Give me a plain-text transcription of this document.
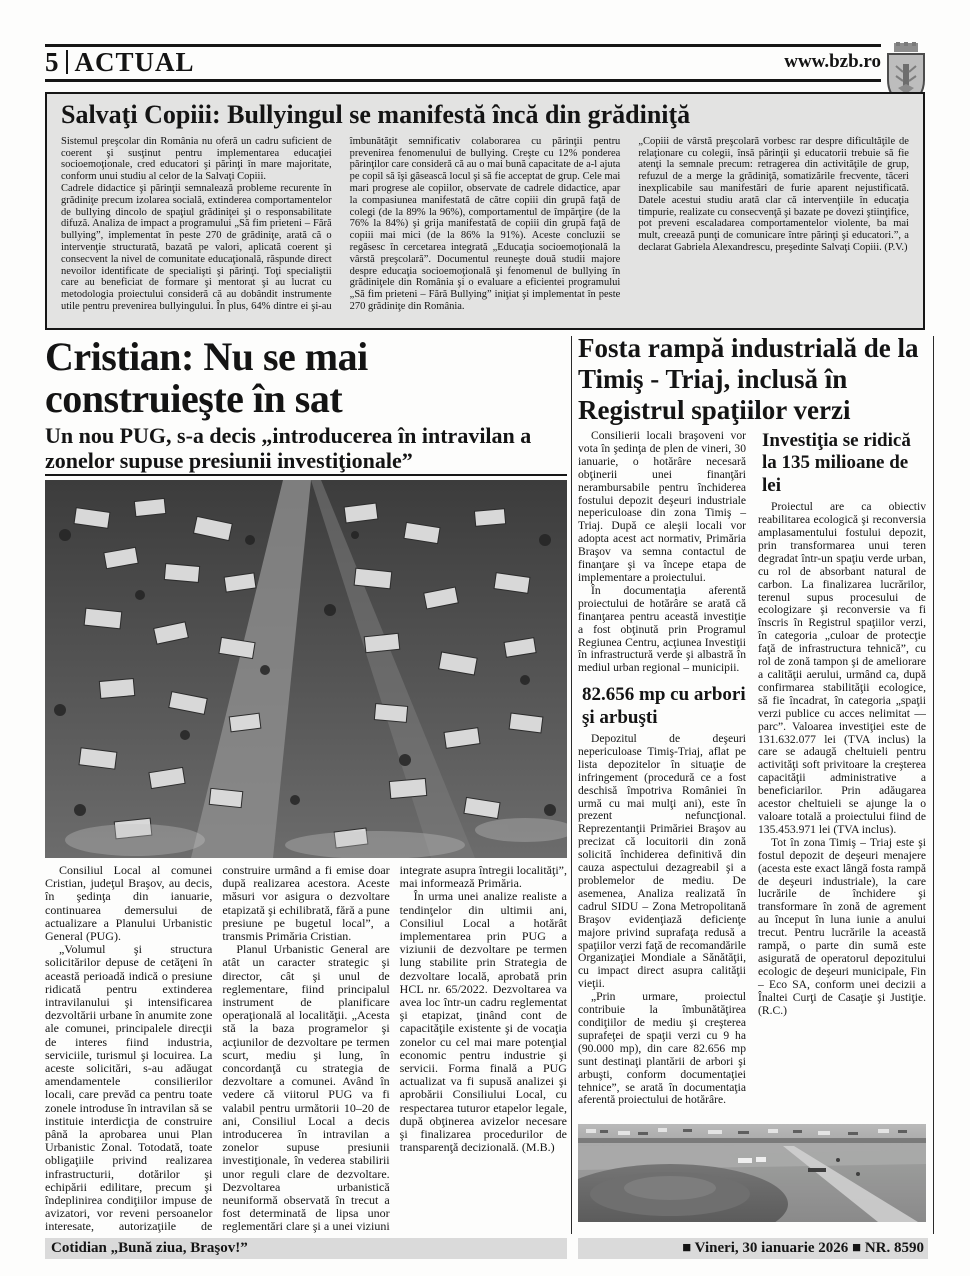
5 ACTUAL	www.bzb.ro
Salvaţi Copiii: Bullyingul se manifestă încă din grădiniţă

Sistemul preşcolar din România nu oferă un cadru suficient de coerent şi susţinut pentru implementarea educaţiei socioemoţionale, cred educatori şi părinţi în mare majoritate, conform unui studiu al celor de la Salvaţi Copiii.

Cadrele didactice şi părinţii semnalează probleme recurente în grădiniţe precum izolarea socială, extinderea comportamentelor de bullying dincolo de spaţiul grădiniţei şi o responsabilitate difuză. Analiza de impact a programului „Să fim prieteni – Fără bullying”, implementat în peste 270 de grădiniţe, arată că o intervenţie structurată, bazată pe valori, aplicată coerent şi consecvent la nivel de comunitate educaţională, răspunde direct nevoilor identificate de specialişti şi părinţi. Toţi specialiştii care au beneficiat de formare şi mentorat şi au lucrat cu metodologia proiectului consideră că au dobândit instrumente utile pentru prevenirea bullyingului. În plus, 64% dintre ei şi-au îmbunătăţit semnificativ colaborarea cu părinţii pentru prevenirea fenomenului de bullying. Creşte cu 12% ponderea părinţilor care consideră că au o mai bună capacitate de a-l ajuta pe copil să îşi găsească locul şi să fie acceptat de grup. Cele mai mari progrese ale copiilor, observate de cadrele didactice, apar la compasiunea manifestată de către copiii din grupă faţă de colegi (de la 89% la 96%), comportamentul de împărţire (de la 76% la 84%) şi grija manifestată de copiii din grupă faţă de copiii mai mici (de la 86% la 91%). Aceste concluzii se regăsesc în cercetarea integrată „Educaţia socioemoţională la vârstă preşcolară”. Documentul reuneşte două studii majore despre educaţia socioemoţională şi fenomenul de bullying în grădiniţele din România şi o evaluare a eficientei programului „Să fim prieteni – Fără Bullying” iniţiat şi implementat în peste 270 grădiniţe din România.

„Copiii de vârstă preşcolară vorbesc rar despre dificultăţile de relaţionare cu colegii, însă părinţii şi educatorii trebuie să fie atenţi la semnale precum: retragerea din activităţile de grup, refuzul de a merge la grădiniţă, somatizările frecvente, tăceri inexplicabile sau manifestări de furie aparent nejustificată. Datele acestui studiu arată clar că intervenţiile în educaţia timpurie, realizate cu consecvenţă şi bazate pe dovezi ştiinţifice, pot preveni escaladarea comportamentelor violente, ba mai mult, creează punţi de comunicare între părinţi şi educatori.”, a declarat Gabriela Alexandrescu, preşedinte Salvaţi Copiii. (P.V.)

Cristian: Nu se mai construieşte în sat
Un nou PUG, s-a decis „introducerea în intravilan a zonelor supuse presiunii investiţionale”

Consiliul Local al comunei Cristian, judeţul Braşov, au decis, în şedinţa din ianuarie, continuarea demersului de actualizare a Planului Urbanistic General (PUG).

„Volumul şi structura solicitărilor depuse de cetăţeni în această perioadă indică o presiune ridicată pentru extinderea intravilanului şi intensificarea dezvoltării urbane în anumite zone ale comunei, principalele direcţii de interes fiind industria, serviciile, turismul şi locuirea. La aceste solicitări, s-au adăugat amendamentele consilierilor locali, care prevăd ca pentru toate zonele introduse în intravilan să se instituie interdicţia de construire până la aprobarea unui Plan Urbanistic Zonal. Totodată, toate obligaţiile privind realizarea infrastructurii, dotărilor şi echipării edilitare, precum şi îndeplinirea condiţiilor impuse de avizatori, vor reveni persoanelor interesate, autorizaţiile de construire urmând a fi emise doar după realizarea acestora. Aceste măsuri vor asigura o dezvoltare etapizată şi echilibrată, fără a pune presiune pe bugetul local”, a transmis Primăria Cristian.

Planul Urbanistic General are atât un caracter strategic şi director, cât şi unul de reglementare, fiind principalul instrument de planificare operaţională al localităţii. „Acesta stă la baza programelor şi acţiunilor de dezvoltare pe termen scurt, mediu şi lung, în concordanţă cu strategia de dezvoltare a comunei. Având în vedere că viitorul PUG va fi valabil pentru următorii 10–20 de ani, Consiliul Local a decis introducerea în intravilan a zonelor supuse presiunii investiţionale, în vederea stabilirii unor reguli clare de dezvoltare. Dezvoltarea urbanistică neuniformă observată în trecut a fost determinată de lipsa unor reglementări clare şi a unei viziuni integrate asupra întregii localităţi”, mai informează Primăria.

În urma unei analize realiste a tendinţelor din ultimii ani, Consiliul Local a hotărât implementarea prin PUG a viziunii de dezvoltare pe termen lung stabilite prin Strategia de dezvoltare locală, aprobată prin HCL nr. 65/2022. Dezvoltarea va avea loc într-un cadru reglementat şi etapizat, ţinând cont de capacităţile existente şi de vocaţia zonelor cu cel mai mare potenţial economic pentru industrie şi servicii. Forma finală a PUG actualizat va fi supusă analizei şi aprobării Consiliului Local, cu respectarea tuturor etapelor legale, după obţinerea avizelor necesare şi finalizarea procedurilor de transparenţă decizională. (M.B.)

Fosta rampă industrială de la Timiş - Triaj, inclusă în Registrul spaţiilor verzi

Consilierii locali braşoveni vor vota în şedinţa de plen de vineri, 30 ianuarie, o hotărâre necesară obţinerii unei finanţări nerambursabile pentru închiderea fostului depozit deşeuri industriale nepericuloase din zona Timiş – Triaj. După ce aleşii locali vor adopta acest act normativ, Primăria Braşov va semna contactul de finanţare şi va începe etapa de implementare a proiectului.

În documentaţia aferentă proiectului de hotărâre se arată că finanţarea pentru această investiţie a fost obţinută prin Programul Regiunea Centru, acţiunea Investiţii în infrastructură verde şi albastră în mediul urban regional – municipii.

82.656 mp cu arbori şi arbuşti

Depozitul de deşeuri nepericuloase Timiş-Triaj, aflat pe lista depozitelor în situaţie de infringement (procedură ce a fost deschisă împotriva României în urmă cu mai mulţi ani), este în prezent nefuncţional. Reprezentanţii Primăriei Braşov au precizat că locuitorii din zonă solicită închiderea definitivă din cauza aspectului dezagreabil şi a problemelor de mediu. De asemenea, Analiza realizată în cadrul SIDU – Zona Metropolitană Braşov evidenţiază deficienţe majore privind suprafaţa redusă a spaţiilor verzi faţă de recomandările Organizaţiei Mondiale a Sănătăţii, cu impact direct asupra calităţii vieţii.

„Prin urmare, proiectul contribuie la îmbunătăţirea condiţiilor de mediu şi creşterea suprafeţei de spaţii verzi cu 9 ha (90.000 mp), din care 82.656 mp sunt destinaţi plantării de arbori şi arbuşti, conform documentaţiei tehnice”, se arată în documentaţia aferentă proiectului de hotărâre.

Investiţia se ridică la 135 milioane de lei

Proiectul are ca obiectiv reabilitarea ecologică şi reconversia amplasamentului fostului depozit, prin transformarea unui teren degradat într-un spaţiu verde urban, cu rol de absorbant natural de carbon. La finalizarea lucrărilor, terenul supus procesului de ecologizare şi reconversie va fi înscris în Registrul spaţiilor verzi, în categoria „culoar de protecţie faţă de infrastructura tehnică”, cu rol de zonă tampon şi de ameliorare a calităţii aerului, urmând ca, după confirmarea stabilităţii ecologice, să fie încadrat, în categoria „spaţii verzi publice cu acces nelimitat — parc”. Valoarea investiţiei este de 131.632.077 lei (TVA inclus) la care se adaugă cheltuieli pentru activităţi soft privitoare la creşterea capacităţii administrative a beneficiarilor. Prin adăugarea acestor cheltuieli se ajunge la o valoare totală a proiectului fiind de 135.453.971 lei (TVA inclus).

Tot în zona Timiş – Triaj este şi fostul depozit de deşeuri menajere (acesta este exact lângă fosta rampă de deşeuri industriale), la care lucrările de închidere şi transformare în zonă de agrement au început în luna iunie a anului trecut. Pentru lucrările la această rampă, o parte din sumă este asigurată de operatorul depozitului ecologic de deşeuri municipale, Fin – Eco SA, conform unei decizii a Înaltei Curţi de Casaţie şi Justiţie. (R.C.)

Cotidian „Bună ziua, Braşov!”	■ Vineri, 30 ianuarie 2026 ■ NR. 8590
